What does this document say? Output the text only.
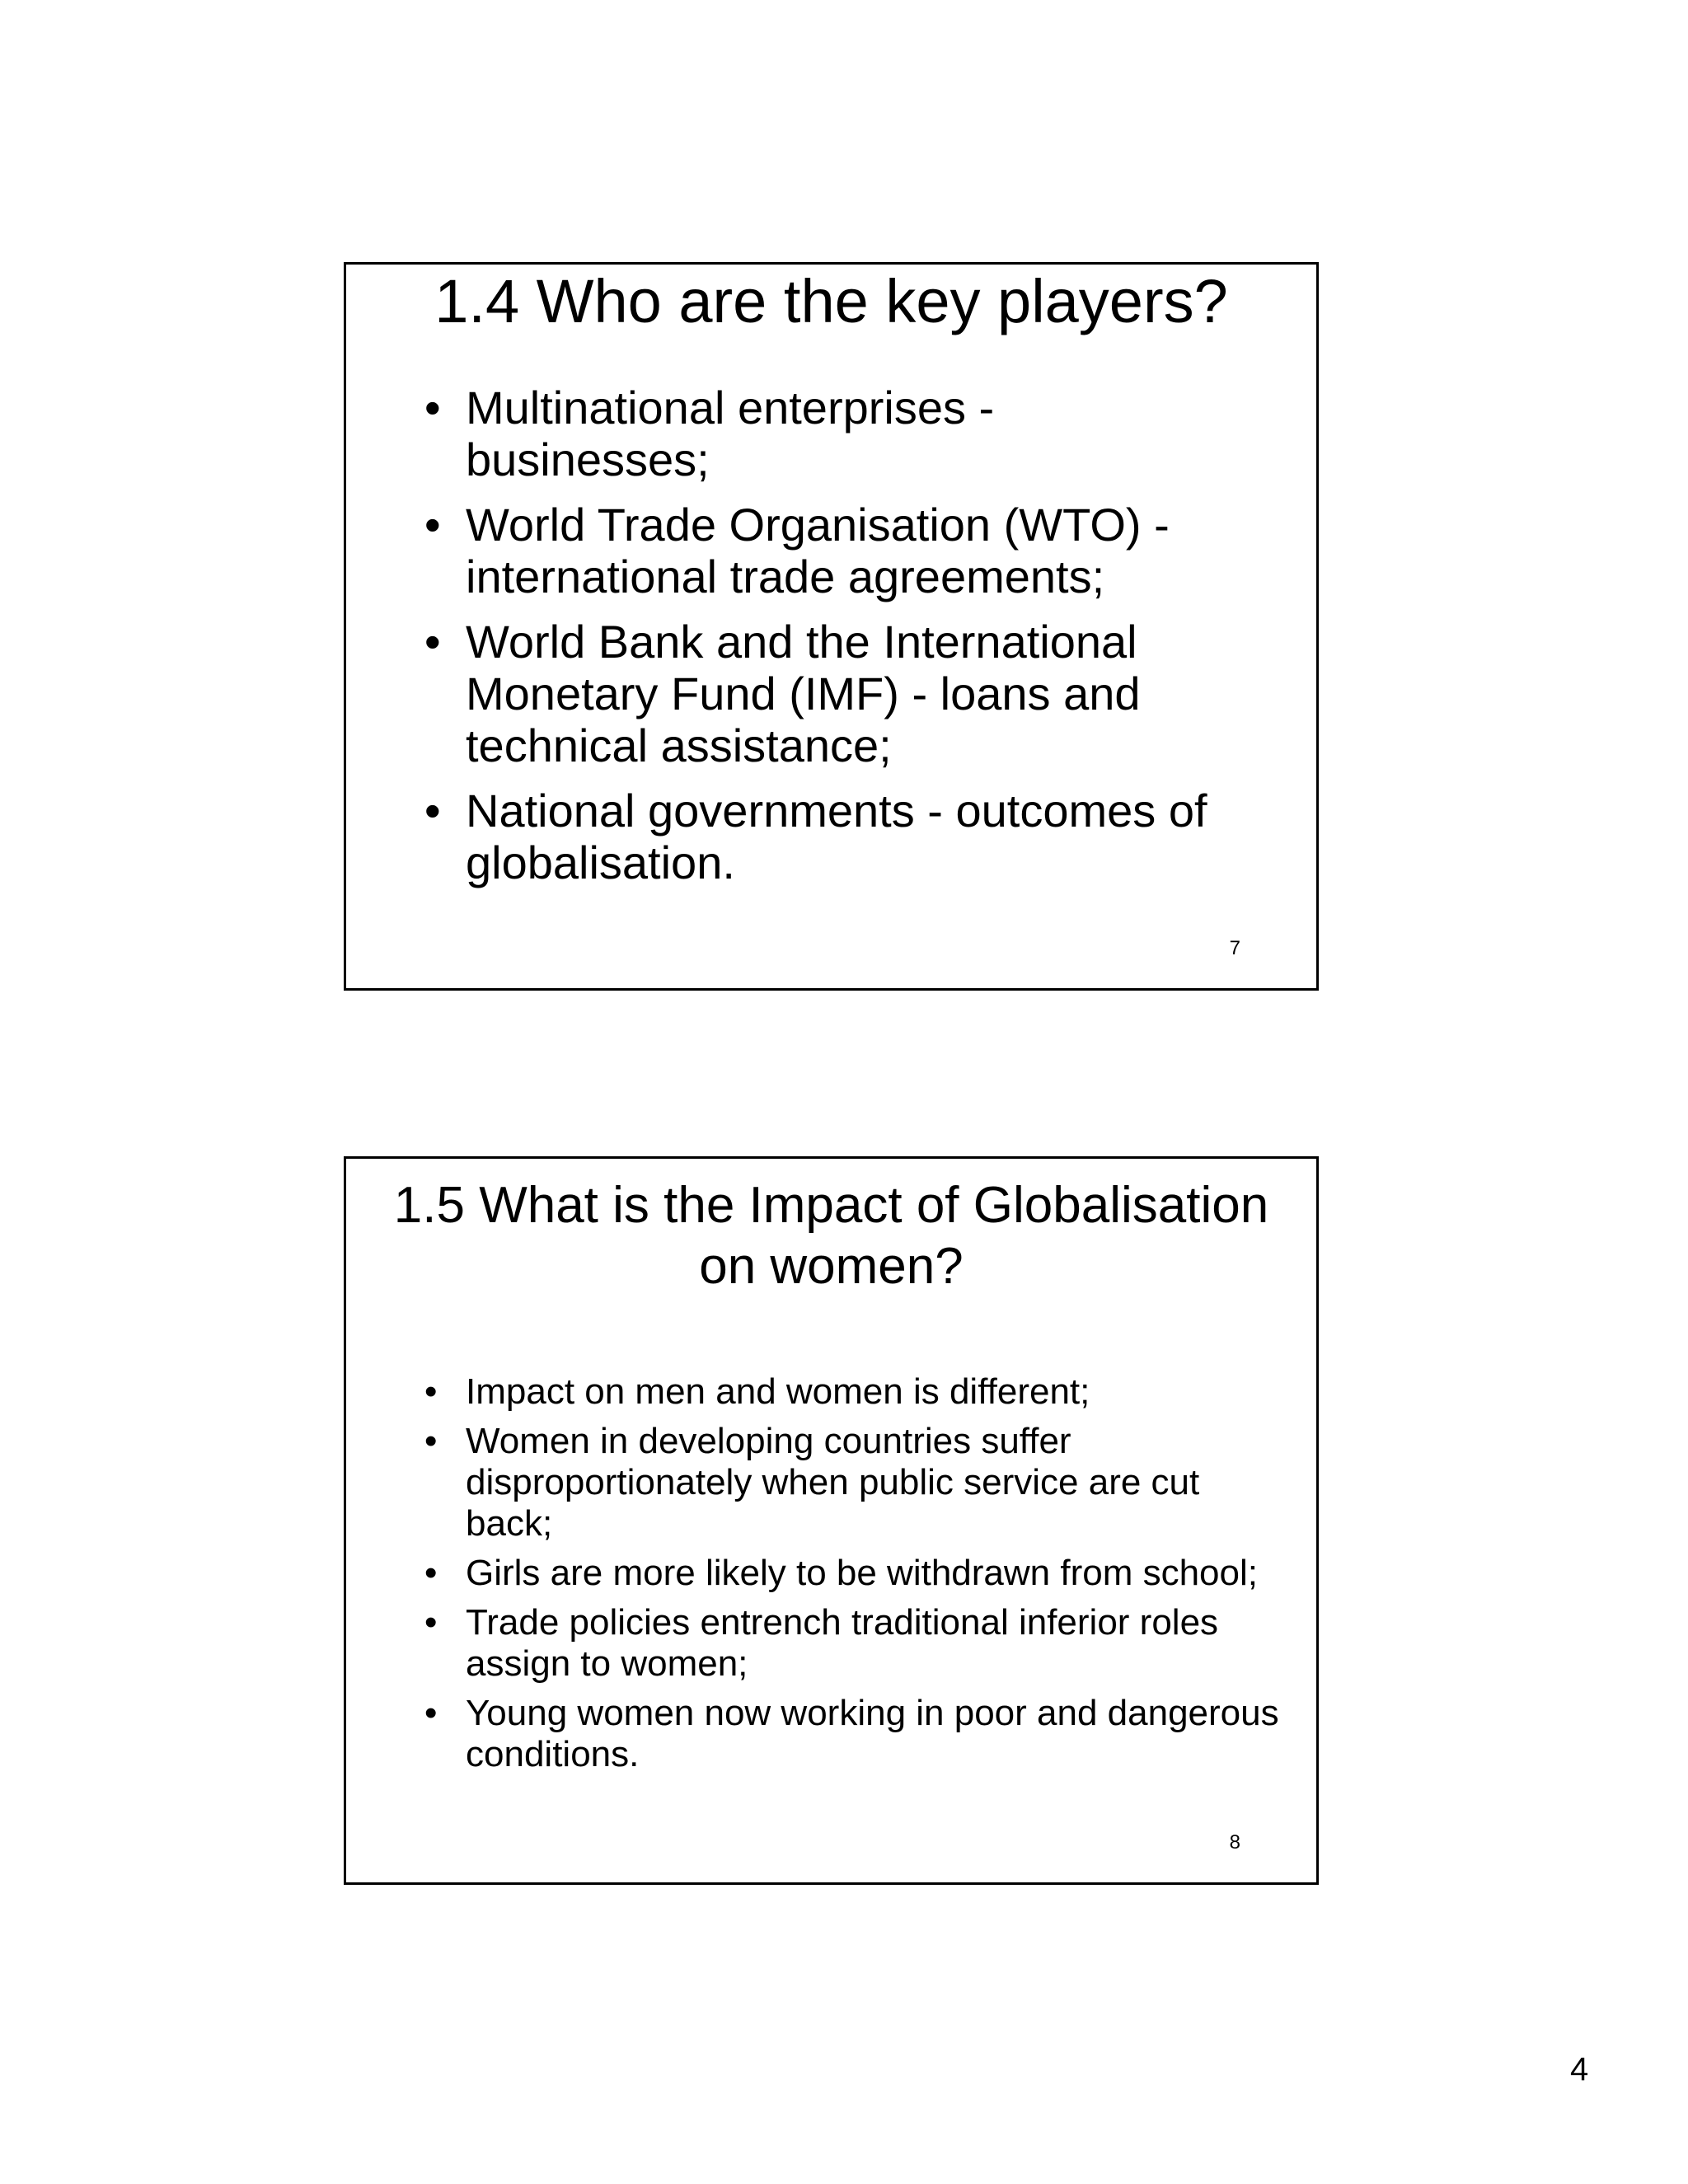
1.4 Who are the key players?
• Multinational enterprises - businesses;
• World Trade Organisation (WTO) - international trade agreements;
• World Bank and the International Monetary Fund (IMF) - loans and technical assistance;
• National governments - outcomes of globalisation.
7
1.5 What is the Impact of Globalisation on women?
• Impact on men and women is different;
• Women in developing countries suffer disproportionately when public service are cut back;
• Girls are more likely to be withdrawn from school;
• Trade policies entrench traditional inferior roles assign to women;
• Young women now working in poor and dangerous conditions.
8
4
